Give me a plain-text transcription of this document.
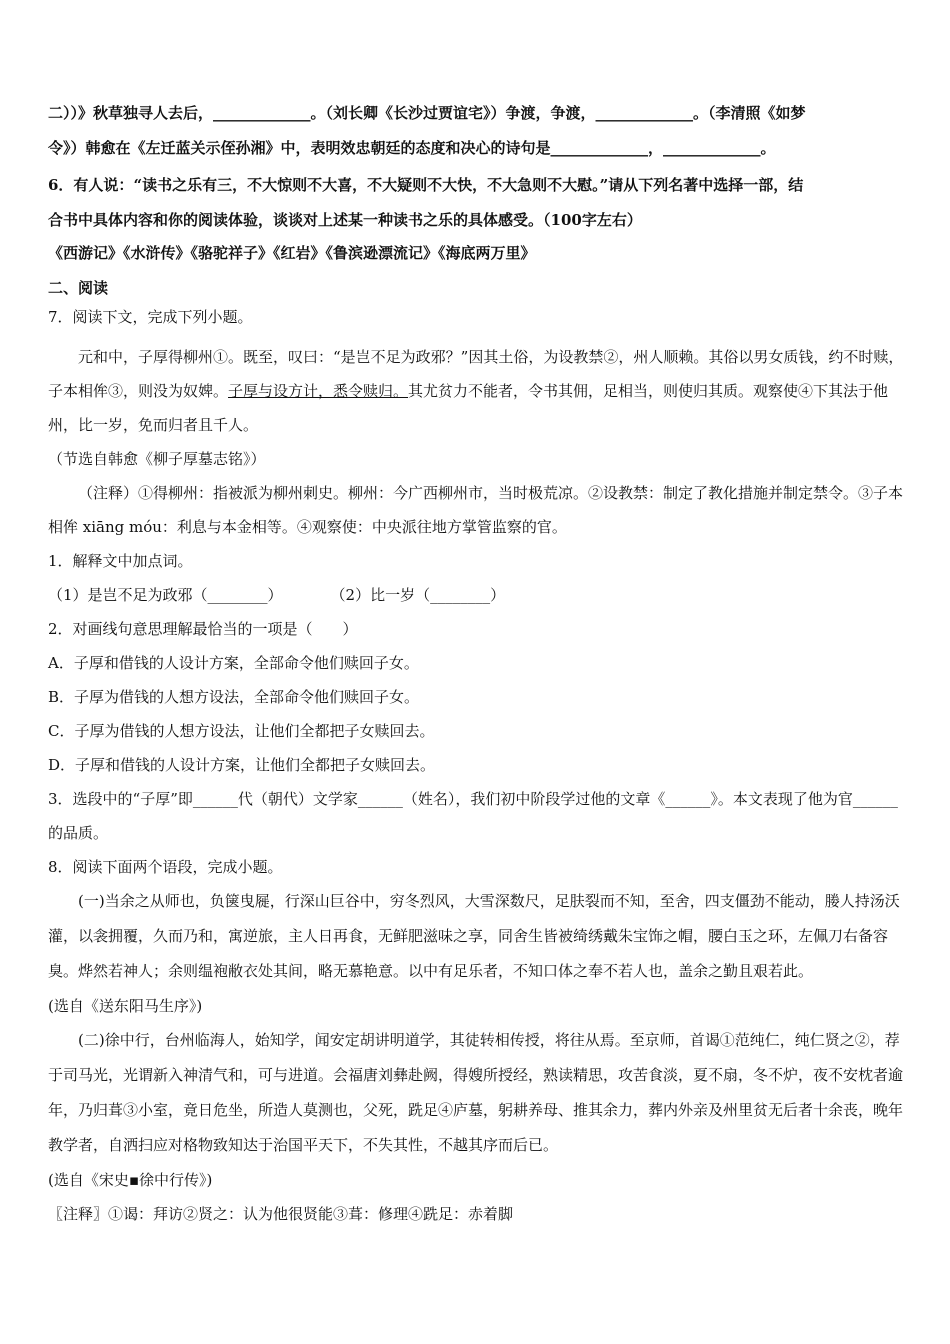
二））》秋草独寻人去后，_____________。（刘长卿《长沙过贾谊宅》）争渡，争渡，_____________。（李清照《如梦

令》）韩愈在《左迁蓝关示侄孙湘》中，表明效忠朝廷的态度和决心的诗句是_____________，_____________。

6．有人说：“读书之乐有三，不大惊则不大喜，不大疑则不大快，不大急则不大慰。”请从下列名著中选择一部，结

合书中具体内容和你的阅读体验，谈谈对上述某一种读书之乐的具体感受。（100字左右）

《西游记》《水浒传》《骆驼祥子》《红岩》《鲁滨逊漂流记》《海底两万里》

二、阅读

7．阅读下文，完成下列小题。

元和中，子厚得柳州①。既至，叹曰：“是岂不足为政邪？”因其土俗，为设教禁②，州人顺赖。其俗以男女质钱，约不时赎，子本相侔③，则没为奴婢。子厚与设方计，悉令赎归。其尤贫力不能者，令书其佣，足相当，则使归其质。观察使④下其法于他州，比一岁，免而归者且千人。

（节选自韩愈《柳子厚墓志铭》）

（注释）①得柳州：指被派为柳州刺史。柳州：今广西柳州市，当时极荒凉。②设教禁：制定了教化措施并制定禁令。③子本相侔 xiāng móu：利息与本金相等。④观察使：中央派往地方掌管监察的官。

1．解释文中加点词。

（1）是岂不足为政邪（________）	（2）比一岁（________）

2．对画线句意思理解最恰当的一项是（　　）

A．子厚和借钱的人设计方案，全部命令他们赎回子女。

B．子厚为借钱的人想方设法，全部命令他们赎回子女。

C．子厚为借钱的人想方设法，让他们全都把子女赎回去。

D．子厚和借钱的人设计方案，让他们全都把子女赎回去。

3．选段中的“子厚”即______代（朝代）文学家______（姓名），我们初中阶段学过他的文章《______》。本文表现了他为官______的品质。

8．阅读下面两个语段，完成小题。

(一)当余之从师也，负箧曳屣，行深山巨谷中，穷冬烈风，大雪深数尺，足肤裂而不知，至舍，四支僵劲不能动，媵人持汤沃灌，以衾拥覆，久而乃和，寓逆旅，主人日再食，无鲜肥滋味之享，同舍生皆被绮绣戴朱宝饰之帽，腰白玉之环，左佩刀右备容臭。烨然若神人；余则缊袍敝衣处其间，略无慕艳意。以中有足乐者，不知口体之奉不若人也，盖余之勤且艰若此。

(选自《送东阳马生序》)

(二)徐中行，台州临海人，始知学，闻安定胡讲明道学，其徒转相传授，将往从焉。至京师，首谒①范纯仁，纯仁贤之②，荐于司马光，光谓新入神清气和，可与进道。会福唐刘彝赴阙，得嫂所授经，熟读精思，攻苦食淡，夏不扇，冬不炉，夜不安枕者逾年，乃归葺③小室，竟日危坐，所造人莫测也，父死，跣足④庐墓，躬耕养母、推其余力，葬内外亲及州里贫无后者十余丧，晚年教学者，自洒扫应对格物致知达于治国平天下，不失其性，不越其序而后已。

(选自《宋史▪徐中行传》)

〖注释〗①谒：拜访②贤之：认为他很贤能③葺：修理④跣足：赤着脚
